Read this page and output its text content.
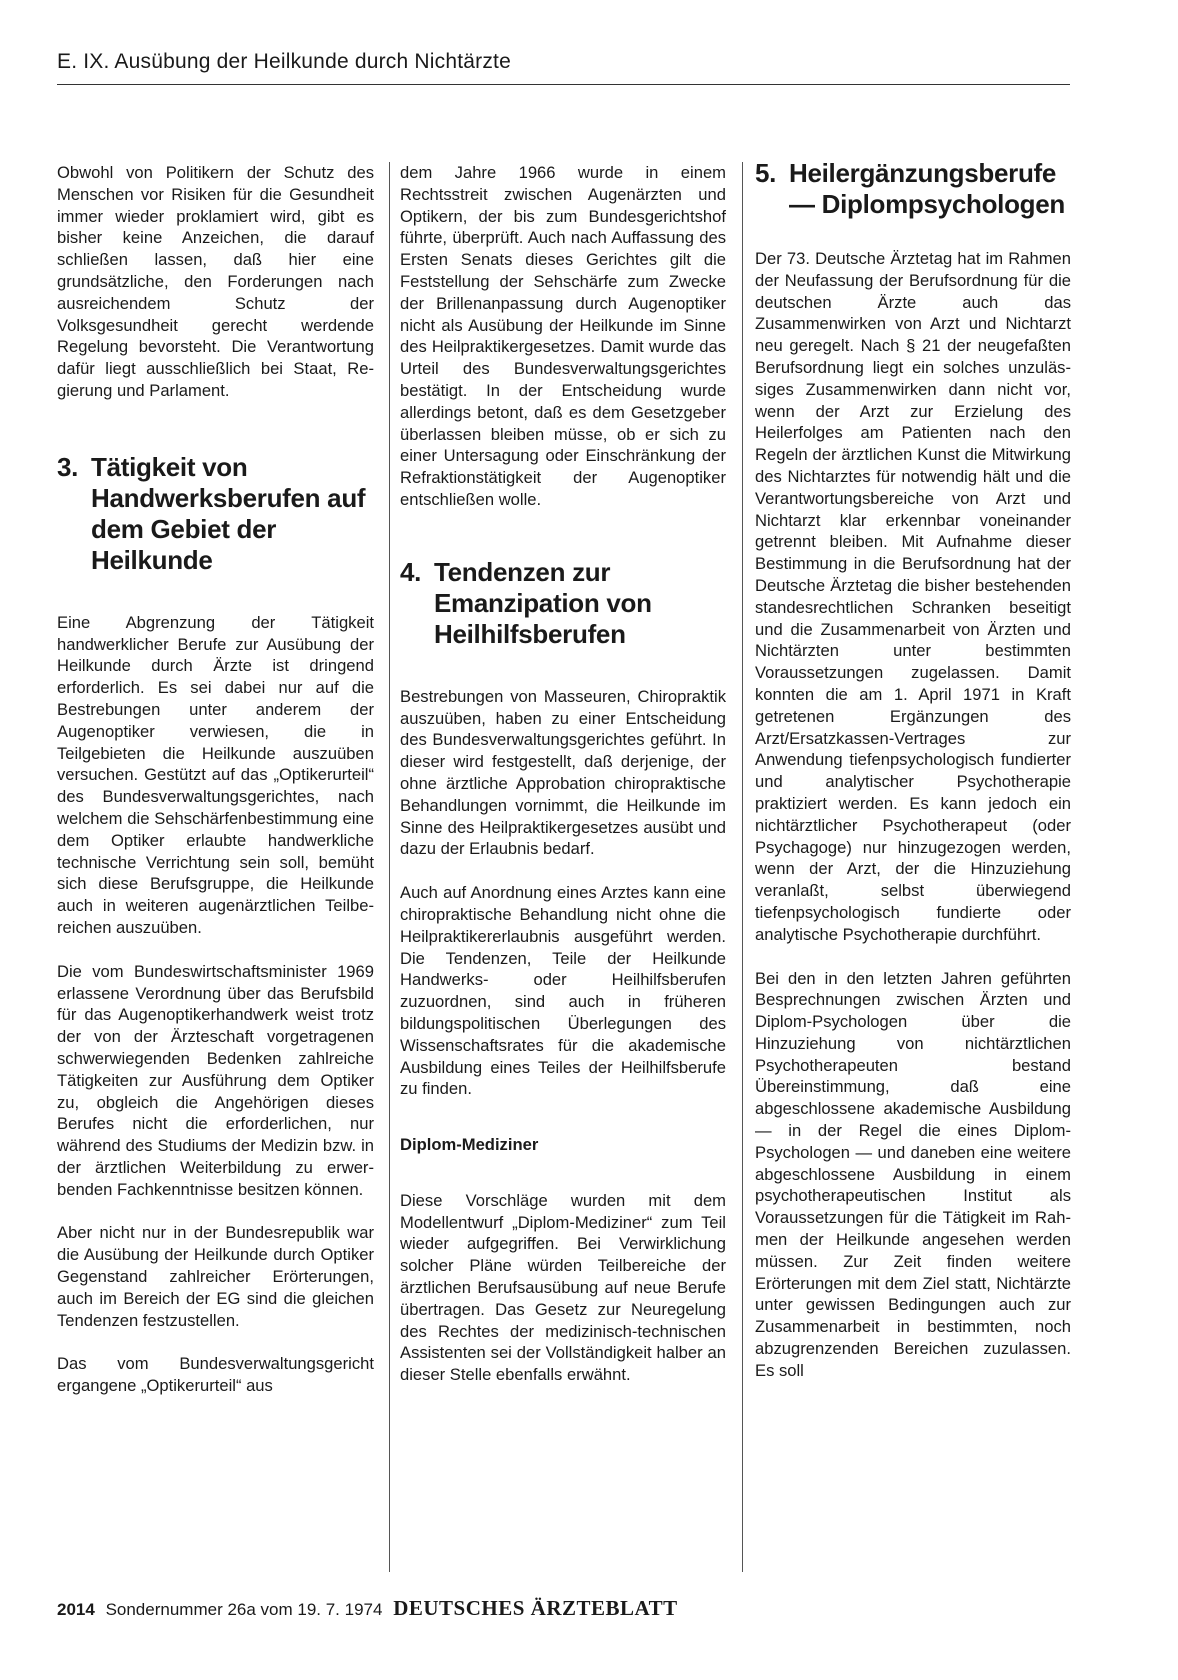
E. IX. Ausübung der Heilkunde durch Nichtärzte

Obwohl von Politikern der Schutz des Menschen vor Risiken für die Gesundheit immer wieder proklamiert wird, gibt es bisher keine Anzeichen, die darauf schließen lassen, daß hier eine grundsätzliche, den Forderungen nach ausreichendem Schutz der Volksgesundheit gerecht werdende Regelung bevorsteht. Die Verantwortung dafür liegt ausschließlich bei Staat, Regierung und Parlament.

3. Tätigkeit von Handwerksberufen auf dem Gebiet der Heilkunde

Eine Abgrenzung der Tätigkeit handwerklicher Berufe zur Ausübung der Heilkunde durch Ärzte ist dringend erforderlich. Es sei dabei nur auf die Bestrebungen unter anderem der Augenoptiker verwiesen, die in Teilgebieten die Heilkunde auszuüben versuchen. Gestützt auf das „Optikerurteil“ des Bundesverwaltungsgerichtes, nach welchem die Sehschärfenbestimmung eine dem Optiker erlaubte handwerkliche technische Verrichtung sein soll, bemüht sich diese Berufsgruppe, die Heilkunde auch in weiteren augenärztlichen Teilbereichen auszuüben.

Die vom Bundeswirtschaftsminister 1969 erlassene Verordnung über das Berufsbild für das Augenoptikerhandwerk weist trotz der von der Ärzteschaft vorgetragenen schwerwiegenden Bedenken zahlreiche Tätigkeiten zur Ausführung dem Optiker zu, obgleich die Angehörigen dieses Berufes nicht die erforderlichen, nur während des Studiums der Medizin bzw. in der ärztlichen Weiterbildung zu erwerbenden Fachkenntnisse besitzen können.

Aber nicht nur in der Bundesrepublik war die Ausübung der Heilkunde durch Optiker Gegenstand zahlreicher Erörterungen, auch im Bereich der EG sind die gleichen Tendenzen festzustellen.

Das vom Bundesverwaltungsgericht ergangene „Optikerurteil“ aus

dem Jahre 1966 wurde in einem Rechtsstreit zwischen Augenärzten und Optikern, der bis zum Bundesgerichtshof führte, überprüft. Auch nach Auffassung des Ersten Senats dieses Gerichtes gilt die Feststellung der Sehschärfe zum Zwecke der Brillenanpassung durch Augenoptiker nicht als Ausübung der Heilkunde im Sinne des Heilpraktikergesetzes. Damit wurde das Urteil des Bundesverwaltungsgerichtes bestätigt. In der Entscheidung wurde allerdings betont, daß es dem Gesetzgeber überlassen bleiben müsse, ob er sich zu einer Untersagung oder Einschränkung der Refraktionstätigkeit der Augenoptiker entschließen wolle.

4. Tendenzen zur Emanzipation von Heilhilfsberufen

Bestrebungen von Masseuren, Chiropraktik auszuüben, haben zu einer Entscheidung des Bundesverwaltungsgerichtes geführt. In dieser wird festgestellt, daß derjenige, der ohne ärztliche Approbation chiropraktische Behandlungen vornimmt, die Heilkunde im Sinne des Heilpraktikergesetzes ausübt und dazu der Erlaubnis bedarf.

Auch auf Anordnung eines Arztes kann eine chiropraktische Behandlung nicht ohne die Heilpraktikererlaubnis ausgeführt werden. Die Tendenzen, Teile der Heilkunde Handwerks- oder Heilhilfsberufen zuzuordnen, sind auch in früheren bildungspolitischen Überlegungen des Wissenschaftsrates für die akademische Ausbildung eines Teiles der Heilhilfsberufe zu finden.

Diplom-Mediziner

Diese Vorschläge wurden mit dem Modellentwurf „Diplom-Mediziner“ zum Teil wieder aufgegriffen. Bei Verwirklichung solcher Pläne würden Teilbereiche der ärztlichen Berufsausübung auf neue Berufe übertragen. Das Gesetz zur Neuregelung des Rechtes der medizinisch-technischen Assistenten sei der Vollständigkeit halber an dieser Stelle ebenfalls erwähnt.

5. Heilergänzungsberufe — Diplompsychologen

Der 73. Deutsche Ärztetag hat im Rahmen der Neufassung der Berufsordnung für die deutschen Ärzte auch das Zusammenwirken von Arzt und Nichtarzt neu geregelt. Nach § 21 der neugefaßten Berufsordnung liegt ein solches unzulässiges Zusammenwirken dann nicht vor, wenn der Arzt zur Erzielung des Heilerfolges am Patienten nach den Regeln der ärztlichen Kunst die Mitwirkung des Nichtarztes für notwendig hält und die Verantwortungsbereiche von Arzt und Nichtarzt klar erkennbar voneinander getrennt bleiben. Mit Aufnahme dieser Bestimmung in die Berufsordnung hat der Deutsche Ärztetag die bisher bestehenden standesrechtlichen Schranken beseitigt und die Zusammenarbeit von Ärzten und Nichtärzten unter bestimmten Voraussetzungen zugelassen. Damit konnten die am 1. April 1971 in Kraft getretenen Ergänzungen des Arzt/Ersatzkassen-Vertrages zur Anwendung tiefenpsychologisch fundierter und analytischer Psychotherapie praktiziert werden. Es kann jedoch ein nichtärztlicher Psychotherapeut (oder Psychagoge) nur hinzugezogen werden, wenn der Arzt, der die Hinzuziehung veranlaßt, selbst überwiegend tiefenpsychologisch fundierte oder analytische Psychotherapie durchführt.

Bei den in den letzten Jahren geführten Besprechnungen zwischen Ärzten und Diplom-Psychologen über die Hinzuziehung von nichtärztlichen Psychotherapeuten bestand Übereinstimmung, daß eine abgeschlossene akademische Ausbildung — in der Regel die eines Diplom-Psychologen — und daneben eine weitere abgeschlossene Ausbildung in einem psychotherapeutischen Institut als Voraussetzungen für die Tätigkeit im Rahmen der Heilkunde angesehen werden müssen. Zur Zeit finden weitere Erörterungen mit dem Ziel statt, Nichtärzte unter gewissen Bedingungen auch zur Zusammenarbeit in bestimmten, noch abzugrenzenden Bereichen zuzulassen. Es soll

2014 Sondernummer 26a vom 19. 7. 1974 DEUTSCHES ÄRZTEBLATT
